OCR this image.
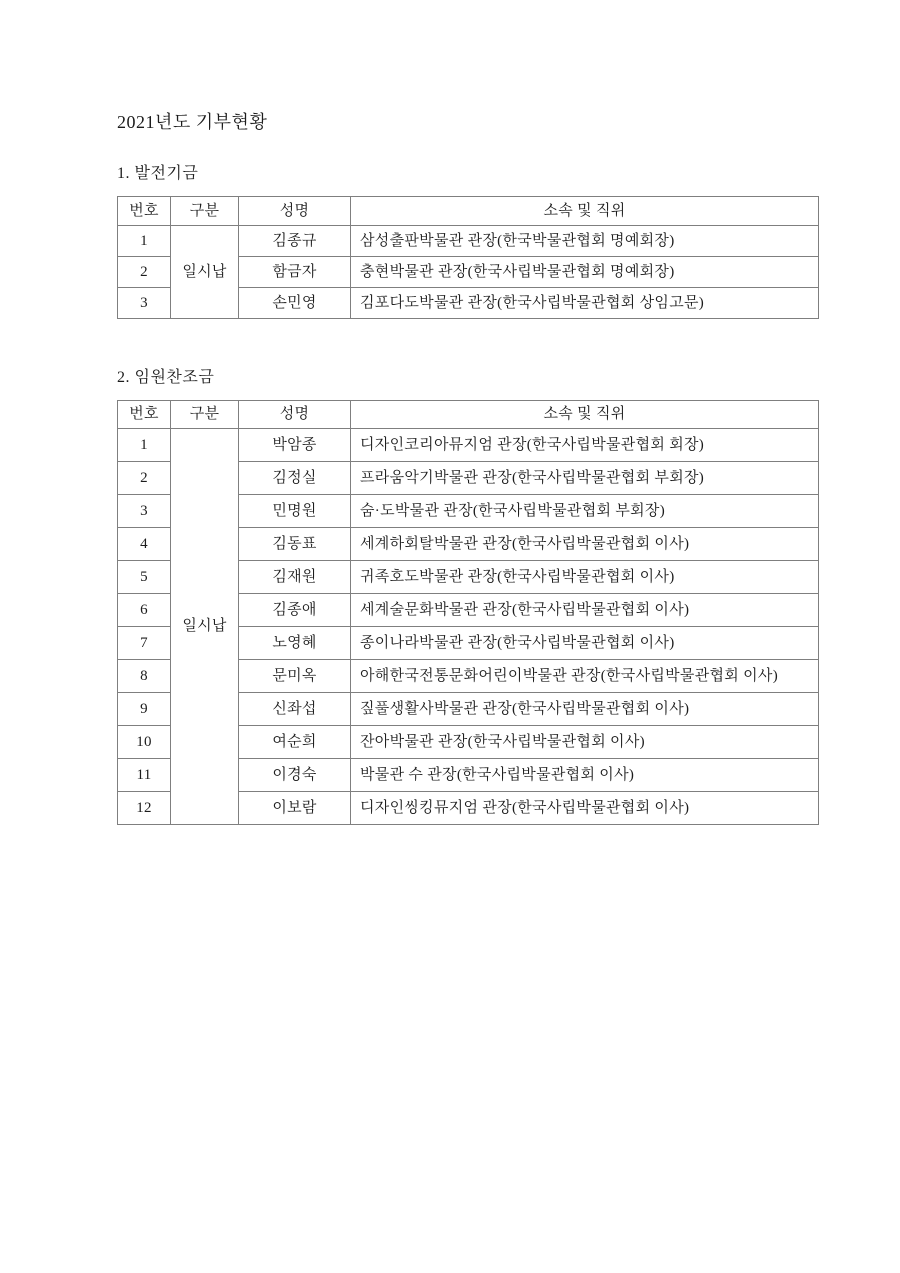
2021년도 기부현황
1. 발전기금
번호	구분	성명	소속 및 직위
1	일시납	김종규	삼성출판박물관 관장(한국박물관협회 명예회장)
2		함금자	충현박물관 관장(한국사립박물관협회 명예회장)
3		손민영	김포다도박물관 관장(한국사립박물관협회 상임고문)
2. 임원찬조금
번호	구분	성명	소속 및 직위
1	일시납	박암종	디자인코리아뮤지엄 관장(한국사립박물관협회 회장)
2		김정실	프라움악기박물관 관장(한국사립박물관협회 부회장)
3		민명원	숨·도박물관 관장(한국사립박물관협회 부회장)
4		김동표	세계하회탈박물관 관장(한국사립박물관협회 이사)
5		김재원	귀족호도박물관 관장(한국사립박물관협회 이사)
6		김종애	세계술문화박물관 관장(한국사립박물관협회 이사)
7		노영혜	종이나라박물관 관장(한국사립박물관협회 이사)
8		문미옥	아해한국전통문화어린이박물관 관장(한국사립박물관협회 이사)
9		신좌섭	짚풀생활사박물관 관장(한국사립박물관협회 이사)
10		여순희	잔아박물관 관장(한국사립박물관협회 이사)
11		이경숙	박물관 수 관장(한국사립박물관협회 이사)
12		이보람	디자인씽킹뮤지엄 관장(한국사립박물관협회 이사)
